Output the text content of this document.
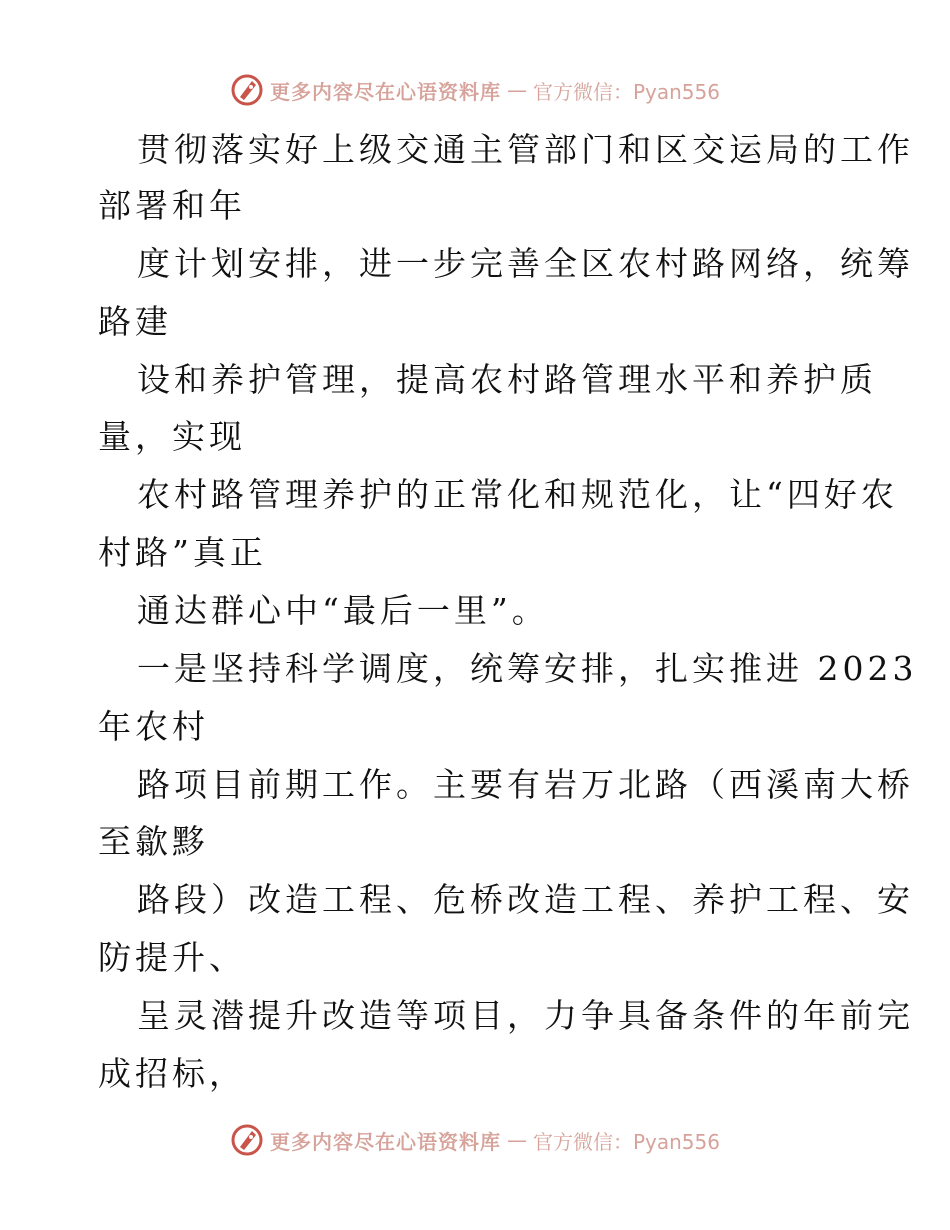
更多内容尽在心语资料库 — 官方微信：Pyan556
贯彻落实好上级交通主管部门和区交运局的工作
部署和年
度计划安排，进一步完善全区农村路网络，统筹
路建
设和养护管理，提高农村路管理水平和养护质
量，实现
农村路管理养护的正常化和规范化，让“四好农
村路”真正
通达群心中“最后一里”。
一是坚持科学调度，统筹安排，扎实推进 2023
年农村
路项目前期工作。主要有岩万北路（西溪南大桥
至歙黟
路段）改造工程、危桥改造工程、养护工程、安
防提升、
呈灵潜提升改造等项目，力争具备条件的年前完
成招标，
更多内容尽在心语资料库 — 官方微信：Pyan556
